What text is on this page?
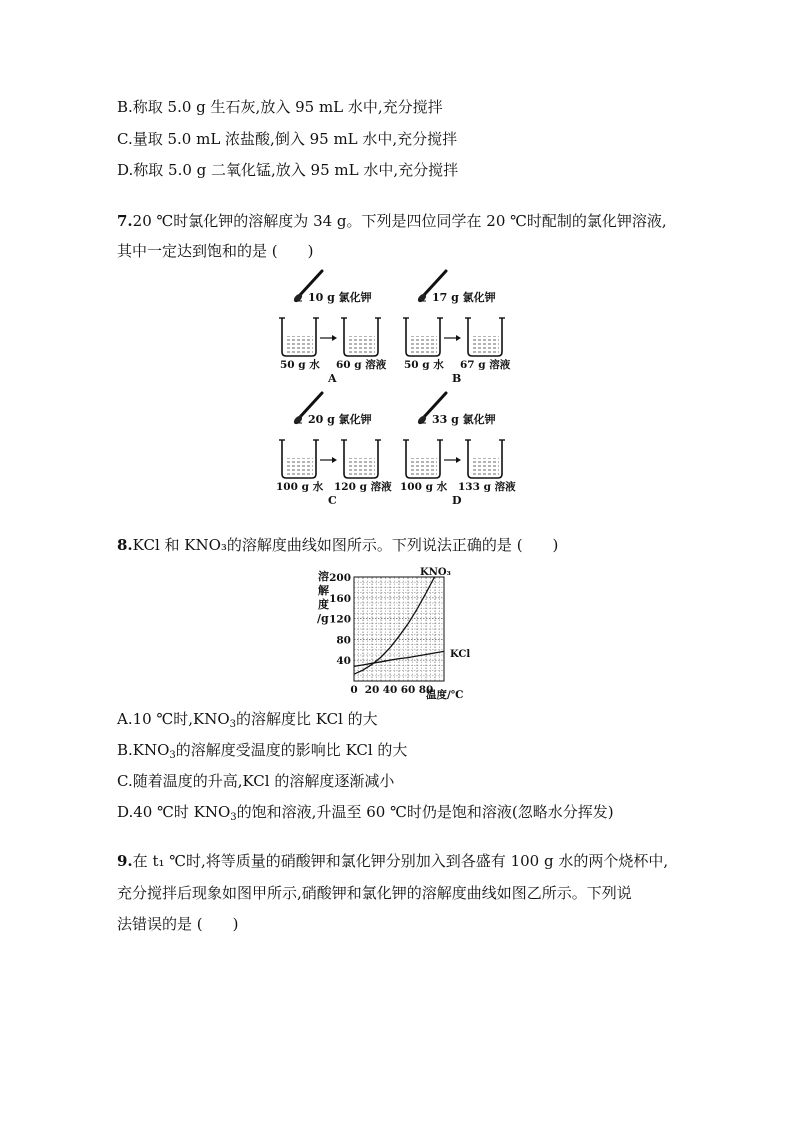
B.称取 5.0 g 生石灰,放入 95 mL 水中,充分搅拌
C.量取 5.0 mL 浓盐酸,倒入 95 mL 水中,充分搅拌
D.称取 5.0 g 二氧化锰,放入 95 mL 水中,充分搅拌
7.20 ℃时氯化钾的溶解度为 34 g。下列是四位同学在 20 ℃时配制的氯化钾溶液,
其中一定达到饱和的是 (　　)
10 g 氯化钾
50 g 水 60 g 溶液
A
17 g 氯化钾
50 g 水 67 g 溶液
B
20 g 氯化钾
100 g 水 120 g 溶液
C
33 g 氯化钾
100 g 水 133 g 溶液
D
8.KCl 和 KNO₃的溶解度曲线如图所示。下列说法正确的是 (　　)
溶
解
度
/g
40
80
120
160
200
0 20 40 60 80
KNO₃
KCl
温度/℃
A.10 ℃时$,KNO_3$的溶解度比 KCl 的大
$B.KNO_3$的溶解度受温度的影响比 KCl 的大
C.随着温度的升高,KCl 的溶解度逐渐减小
D.40 ℃时 $KNO_3$的饱和溶液,升温至 60 ℃时仍是饱和溶液(忽略水分挥发)
9.在 t₁ ℃时,将等质量的硝酸钾和氯化钾分别加入到各盛有 100 g 水的两个烧杯中,
充分搅拌后现象如图甲所示,硝酸钾和氯化钾的溶解度曲线如图乙所示。下列说
法错误的是 (　　)
